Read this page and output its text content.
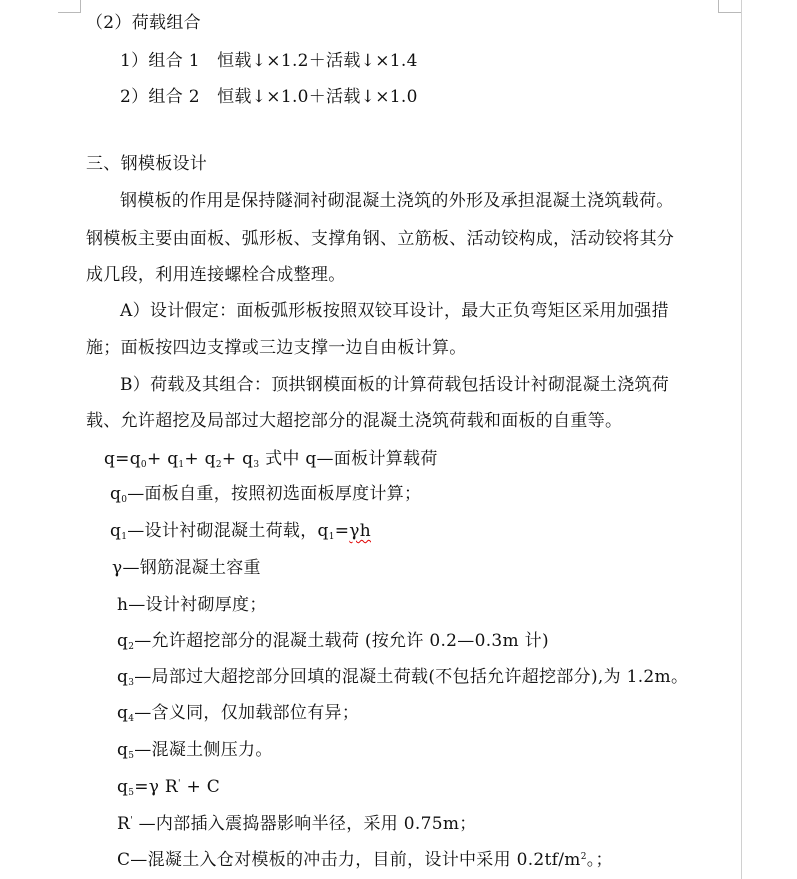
（2）荷载组合
1）组合 1　恒载↓×1.2＋活载↓×1.4
2）组合 2　恒载↓×1.0＋活载↓×1.0
三、钢模板设计
钢模板的作用是保持隧洞衬砌混凝土浇筑的外形及承担混凝土浇筑载荷。
钢模板主要由面板、弧形板、支撑角钢、立筋板、活动铰构成，活动铰将其分
成几段，利用连接螺栓合成整理。
A）设计假定：面板弧形板按照双铰耳设计，最大正负弯矩区采用加强措
施；面板按四边支撑或三边支撑一边自由板计算。
B）荷载及其组合：顶拱钢模面板的计算荷载包括设计衬砌混凝土浇筑荷
载、允许超挖及局部过大超挖部分的混凝土浇筑荷载和面板的自重等。
$q=q_0+ q_1+ q_2+ q_3$ 式中 q—面板计算载荷
$q_0—$面板自重，按照初选面板厚度计算；
$q_1—$设计衬砌混凝土荷载，$q_1=\gamma h$
γ—钢筋混凝土容重
h—设计衬砌厚度；
$q_2—$允许超挖部分的混凝土载荷 (按允许 0.2—0.3m 计)
$q_3—$局部过大超挖部分回填的混凝土荷载(不包括允许超挖部分),为 1.2m。
$q_4—$含义同，仅加载部位有异；
$q_5—$混凝土侧压力。
$q_5=\gamma$ R' + C
R' —内部插入震捣器影响半径，采用 0.75m；
C—混凝土入仓对模板的冲击力，目前，设计中采用 $0.2tf/m^2$。；
